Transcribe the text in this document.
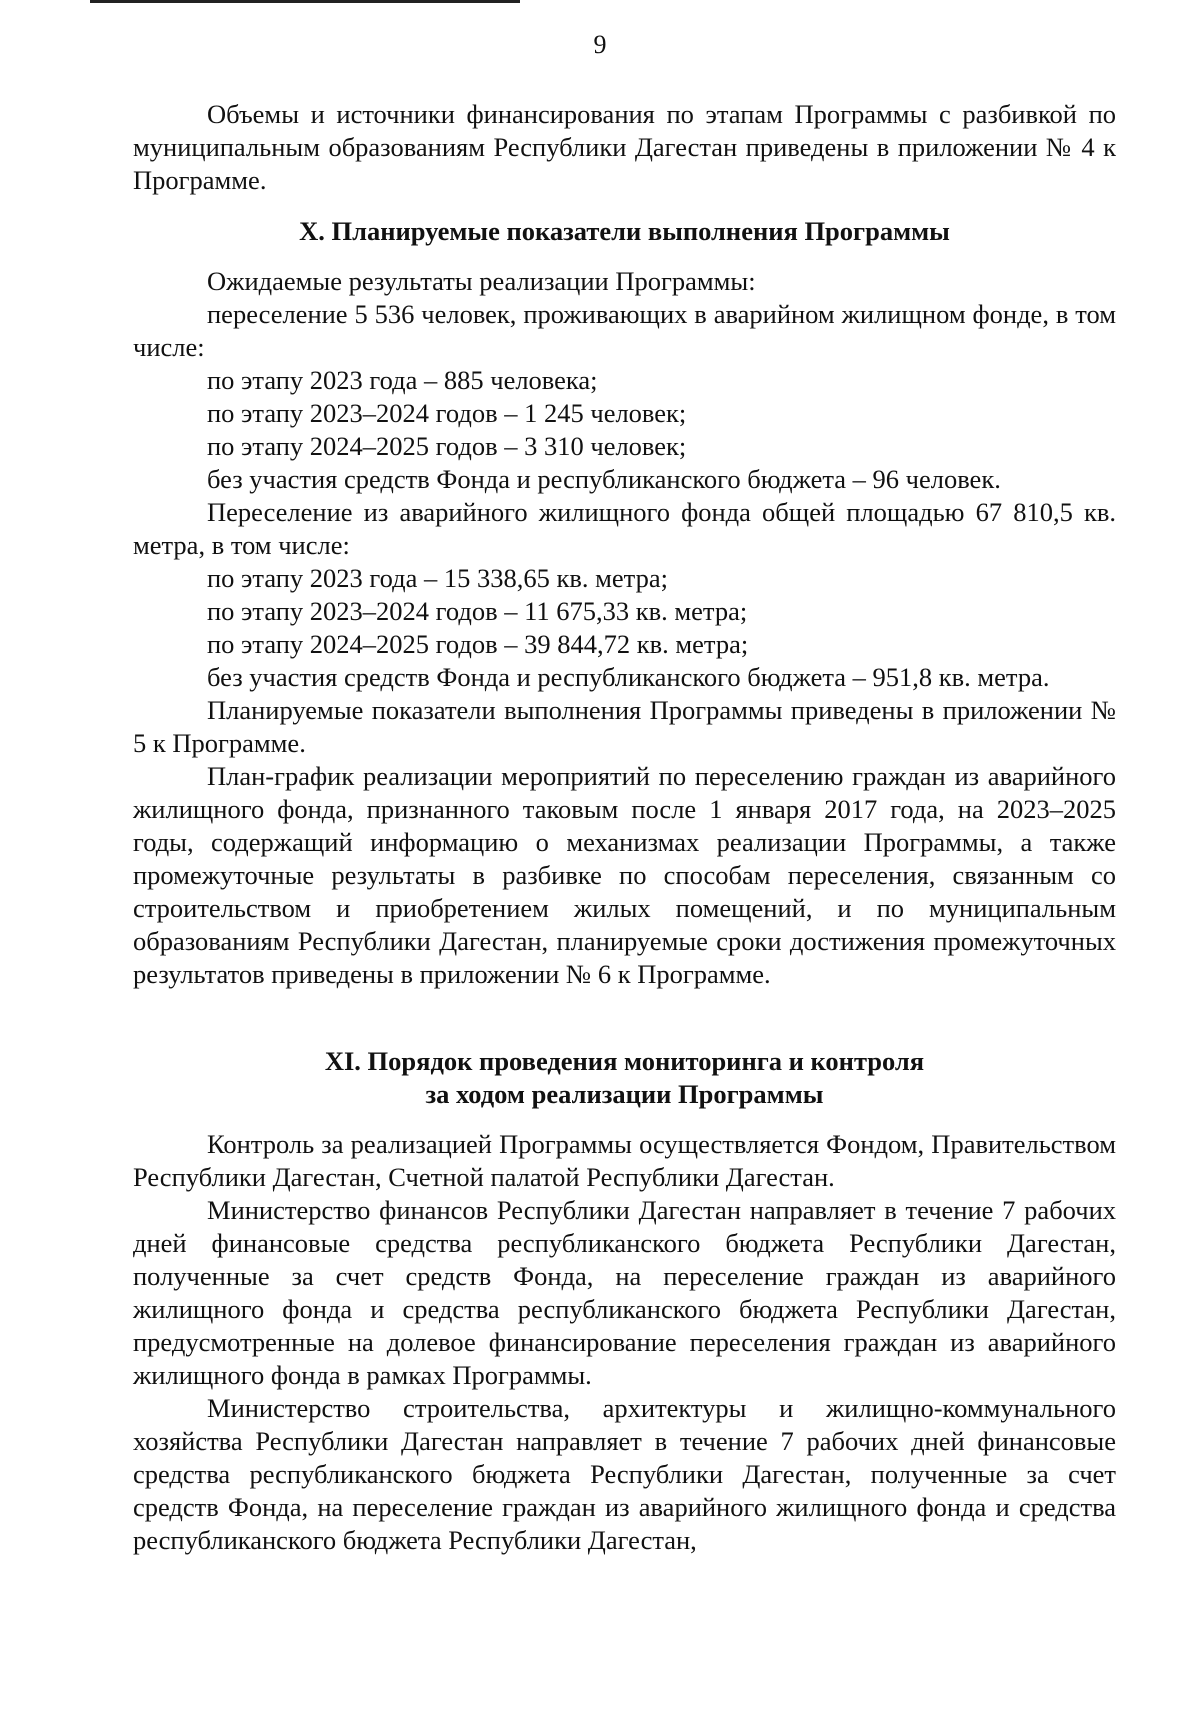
9

Объемы и источники финансирования по этапам Программы с разбивкой по муниципальным образованиям Республики Дагестан приведены в приложении № 4 к Программе.

X. Планируемые показатели выполнения Программы

Ожидаемые результаты реализации Программы:

переселение 5 536 человек, проживающих в аварийном жилищном фонде, в том числе:

по этапу 2023 года – 885 человека;

по этапу 2023–2024 годов – 1 245 человек;

по этапу 2024–2025 годов – 3 310 человек;

без участия средств Фонда и республиканского бюджета – 96 человек.

Переселение из аварийного жилищного фонда общей площадью 67 810,5 кв. метра, в том числе:

по этапу 2023 года – 15 338,65 кв. метра;

по этапу 2023–2024 годов – 11 675,33 кв. метра;

по этапу 2024–2025 годов – 39 844,72 кв. метра;

без участия средств Фонда и республиканского бюджета – 951,8 кв. метра.

Планируемые показатели выполнения Программы приведены в приложении № 5 к Программе.

План-график реализации мероприятий по переселению граждан из аварийного жилищного фонда, признанного таковым после 1 января 2017 года, на 2023–2025 годы, содержащий информацию о механизмах реализации Программы, а также промежуточные результаты в разбивке по способам переселения, связанным со строительством и приобретением жилых помещений, и по муниципальным образованиям Республики Дагестан, планируемые сроки достижения промежуточных результатов приведены в приложении № 6 к Программе.

XI. Порядок проведения мониторинга и контроля
за ходом реализации Программы

Контроль за реализацией Программы осуществляется Фондом, Правительством Республики Дагестан, Счетной палатой Республики Дагестан.

Министерство финансов Республики Дагестан направляет в течение 7 рабочих дней финансовые средства республиканского бюджета Республики Дагестан, полученные за счет средств Фонда, на переселение граждан из аварийного жилищного фонда и средства республиканского бюджета Республики Дагестан, предусмотренные на долевое финансирование переселения граждан из аварийного жилищного фонда в рамках Программы.

Министерство строительства, архитектуры и жилищно-коммунального хозяйства Республики Дагестан направляет в течение 7 рабочих дней финансовые средства республиканского бюджета Республики Дагестан, полученные за счет средств Фонда, на переселение граждан из аварийного жилищного фонда и средства республиканского бюджета Республики Дагестан,
